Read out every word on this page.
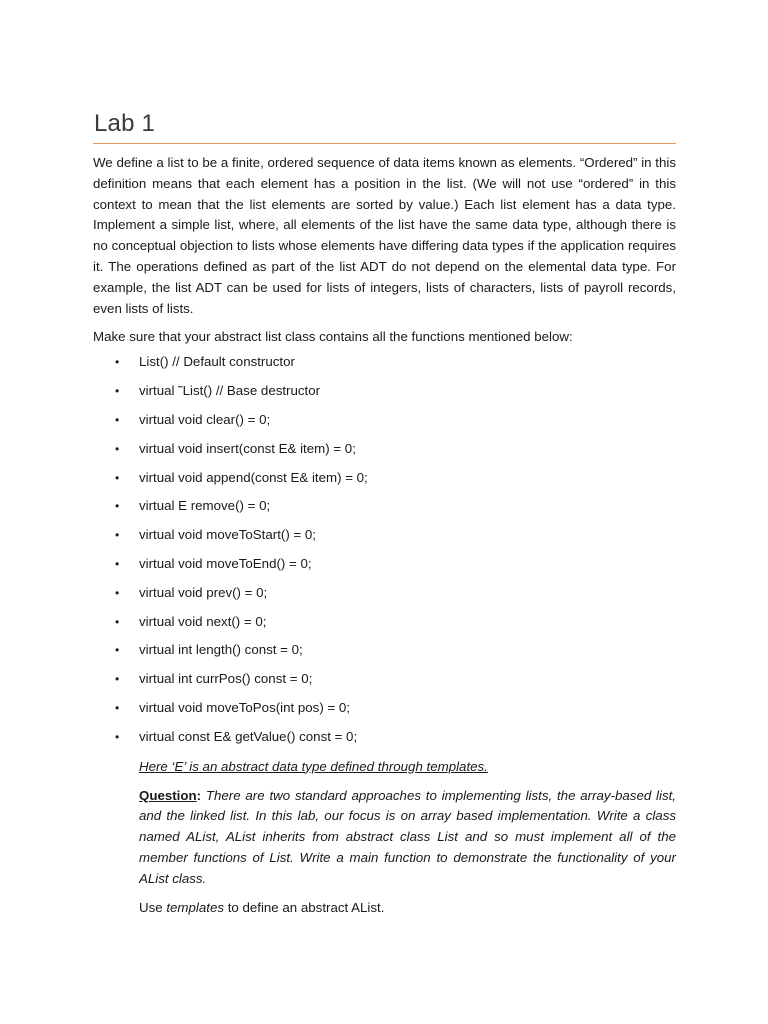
Lab 1

We define a list to be a finite, ordered sequence of data items known as elements. “Ordered” in this definition means that each element has a position in the list. (We will not use “ordered” in this context to mean that the list elements are sorted by value.) Each list element has a data type. Implement a simple list, where, all elements of the list have the same data type, although there is no conceptual objection to lists whose elements have differing data types if the application requires it. The operations defined as part of the list ADT do not depend on the elemental data type. For example, the list ADT can be used for lists of integers, lists of characters, lists of payroll records, even lists of lists.

Make sure that your abstract list class contains all the functions mentioned below:

• List() // Default constructor
• virtual ˜List() // Base destructor
• virtual void clear() = 0;
• virtual void insert(const E& item) = 0;
• virtual void append(const E& item) = 0;
• virtual E remove() = 0;
• virtual void moveToStart() = 0;
• virtual void moveToEnd() = 0;
• virtual void prev() = 0;
• virtual void next() = 0;
• virtual int length() const = 0;
• virtual int currPos() const = 0;
• virtual void moveToPos(int pos) = 0;
• virtual const E& getValue() const = 0;

Here ‘E’ is an abstract data type defined through templates.

Question: There are two standard approaches to implementing lists, the array-based list, and the linked list. In this lab, our focus is on array based implementation. Write a class named AList, AList inherits from abstract class List and so must implement all of the member functions of List. Write a main function to demonstrate the functionality of your AList class.

Use templates to define an abstract AList.
